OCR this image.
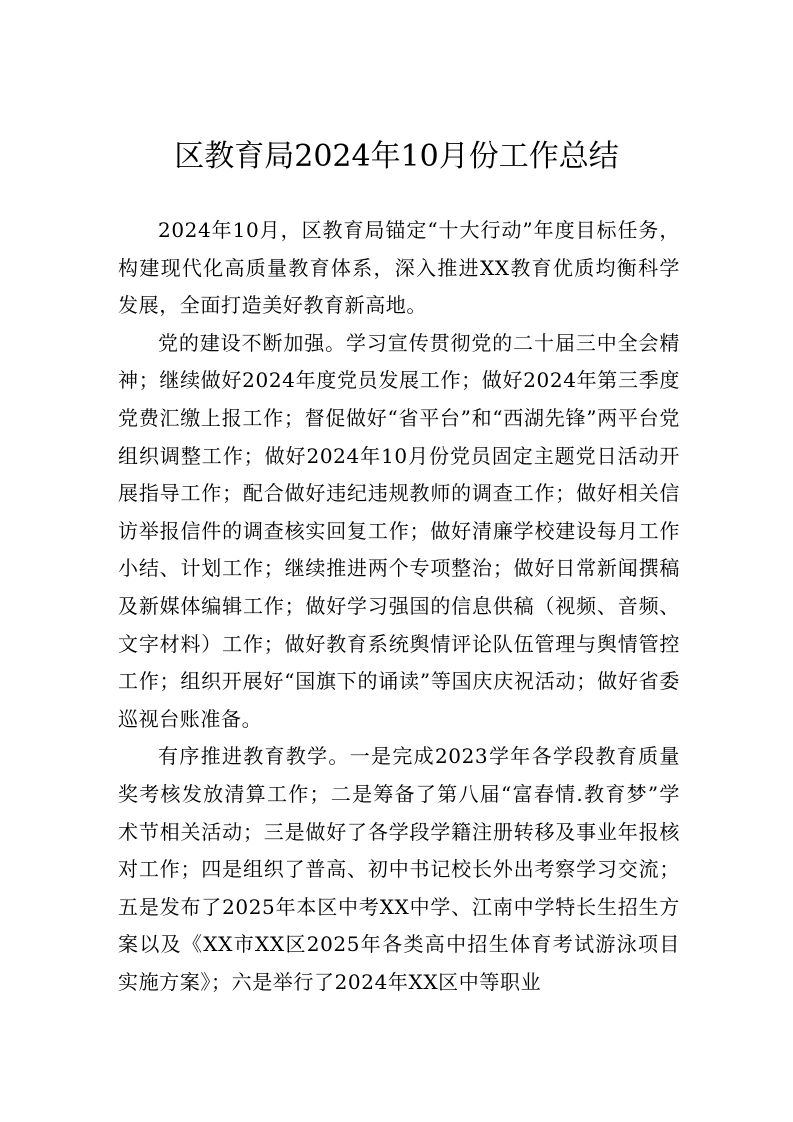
区教育局2024年10月份工作总结

2024年10月，区教育局锚定“十大行动”年度目标任务，构建现代化高质量教育体系，深入推进XX教育优质均衡科学发展，全面打造美好教育新高地。

党的建设不断加强。学习宣传贯彻党的二十届三中全会精神；继续做好2024年度党员发展工作；做好2024年第三季度党费汇缴上报工作；督促做好“省平台”和“西湖先锋”两平台党组织调整工作；做好2024年10月份党员固定主题党日活动开展指导工作；配合做好违纪违规教师的调查工作；做好相关信访举报信件的调查核实回复工作；做好清廉学校建设每月工作小结、计划工作；继续推进两个专项整治；做好日常新闻撰稿及新媒体编辑工作；做好学习强国的信息供稿（视频、音频、文字材料）工作；做好教育系统舆情评论队伍管理与舆情管控工作；组织开展好“国旗下的诵读”等国庆庆祝活动；做好省委巡视台账准备。

有序推进教育教学。一是完成2023学年各学段教育质量奖考核发放清算工作；二是筹备了第八届“富春情.教育梦”学术节相关活动；三是做好了各学段学籍注册转移及事业年报核对工作；四是组织了普高、初中书记校长外出考察学习交流；五是发布了2025年本区中考XX中学、江南中学特长生招生方案以及《XX市XX区2025年各类高中招生体育考试游泳项目实施方案》；六是举行了2024年XX区中等职业
